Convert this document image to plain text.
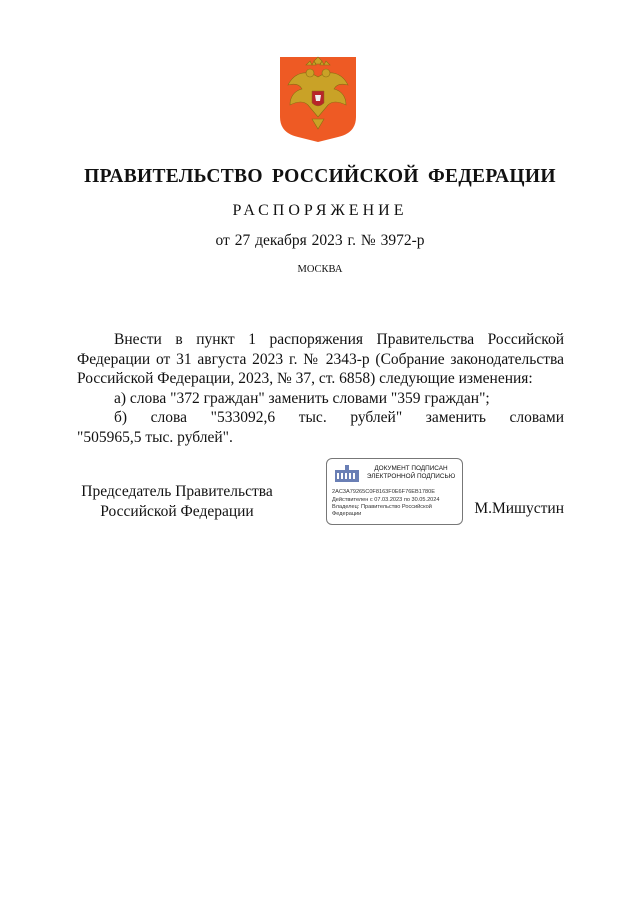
ПРАВИТЕЛЬСТВО РОССИЙСКОЙ ФЕДЕРАЦИИ
РАСПОРЯЖЕНИЕ
от 27 декабря 2023 г. № 3972-р
МОСКВА

Внести в пункт 1 распоряжения Правительства Российской Федерации от 31 августа 2023 г. № 2343-р (Собрание законодательства

Российской Федерации, 2023, № 37, ст. 6858) следующие изменения:

а) слова "372 граждан" заменить словами "359 граждан";

б) слова "533092,6 тыс. рублей" заменить словами

"505965,5 тыс. рублей".

Председатель Правительства
Российской Федерации
ДОКУМЕНТ ПОДПИСАН
ЭЛЕКТРОННОЙ ПОДПИСЬЮ
2AC3A79265C0F8163F0E6F76EB1780E
Действителен с 07.03.2023 по 30.05.2024
Владелец: Правительство Российской Федерации	М.Мишустин
